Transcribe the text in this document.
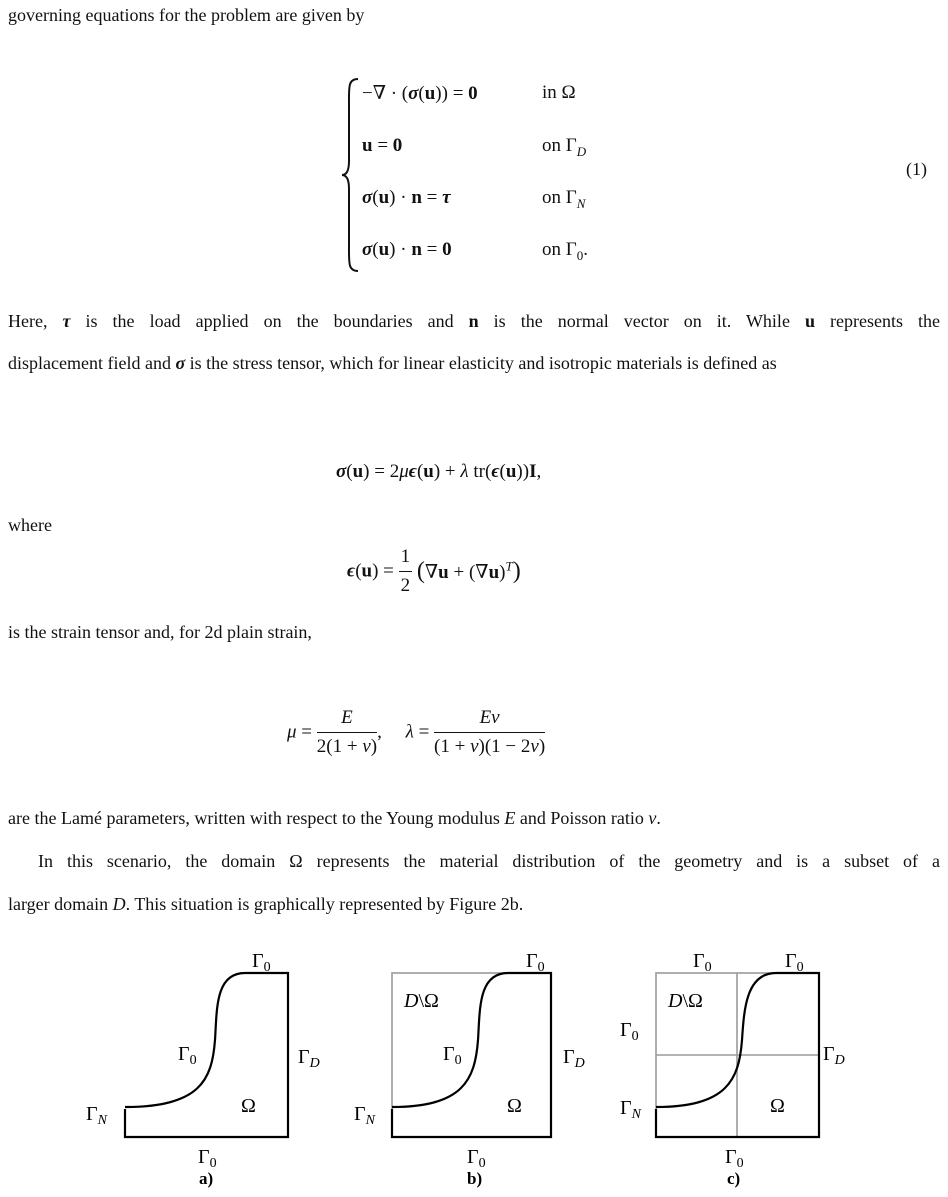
governing equations for the problem are given by
−∇ · (σ(u)) = 0	in Ω
u = 0	on $\Gamma_D$
σ(u) · n = τ	on $\Gamma_N$
σ(u) · n = 0	on $\Gamma_0$.
(1)
Here, τ is the load applied on the boundaries and n is the normal vector on it. While u represents the
displacement field and σ is the stress tensor, which for linear elasticity and isotropic materials is defined as
σ(u) = 2μϵ(u) + λ tr(ϵ(u))I,
where
$\epsilon(u) = \frac{1}{2} (\nabla u + (\nabla u)^T)$
is the strain tensor and, for 2d plain strain,
$\mu = \frac{E}{2(1 + \nu)}$ ,     $\lambda = \frac{E\nu}{(1 + \nu)(1 - 2\nu)}$
are the Lamé parameters, written with respect to the Young modulus E and Poisson ratio ν.
In this scenario, the domain Ω represents the material distribution of the geometry and is a subset of a
larger domain D. This situation is graphically represented by Figure 2b.
$\Gamma_0$
$\Gamma_0$	$\Gamma_D$
$\Gamma_N$
Ω
$\Gamma_0$
a)
$\Gamma_0$
D\Ω
$\Gamma_0$	$\Gamma_D$
$\Gamma_N$
Ω
$\Gamma_0$
b)
$\Gamma_0$	$\Gamma_0$
D\Ω
$\Gamma_0$
$\Gamma_D$
$\Gamma_N$	Ω
$\Gamma_0$
c)
